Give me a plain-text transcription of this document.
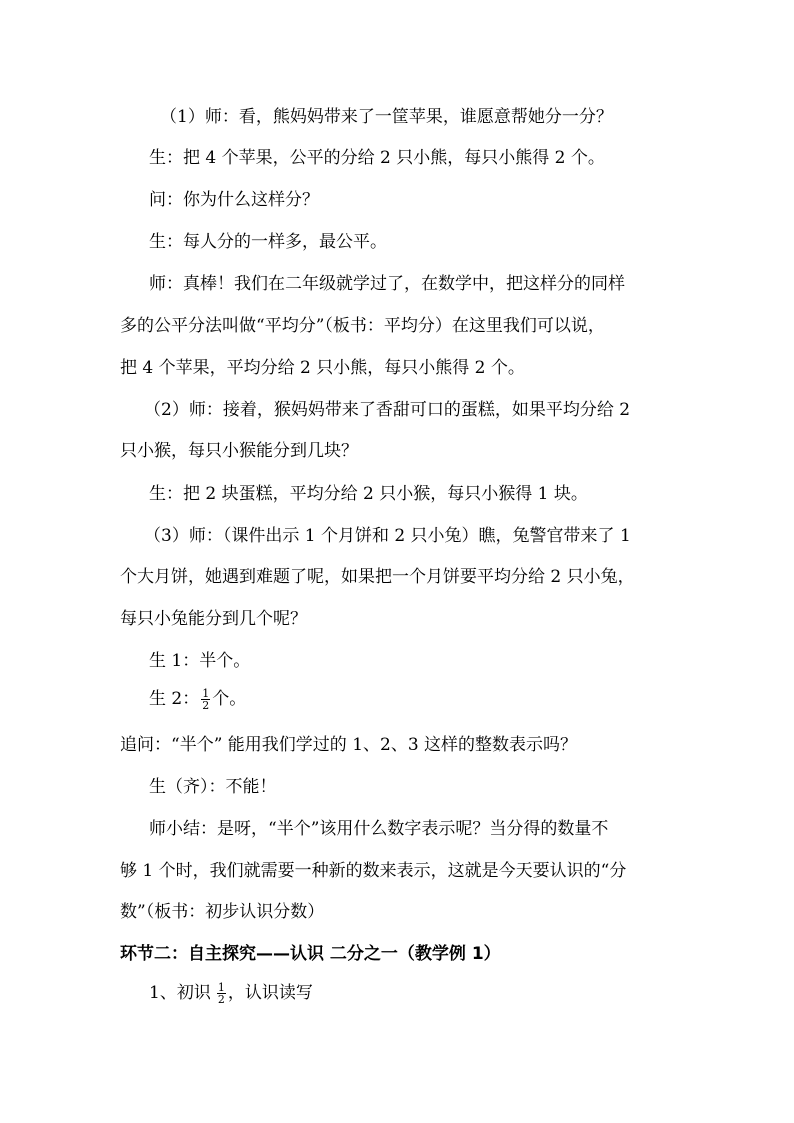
（1）师：看，熊妈妈带来了一筐苹果，谁愿意帮她分一分？
生：把 4 个苹果，公平的分给 2 只小熊，每只小熊得 2 个。
问：你为什么这样分？
生：每人分的一样多，最公平。
师：真棒！我们在二年级就学过了，在数学中，把这样分的同样
多的公平分法叫做“平均分”（板书：平均分）在这里我们可以说，
把 4 个苹果，平均分给 2 只小熊，每只小熊得 2 个。
（2）师：接着，猴妈妈带来了香甜可口的蛋糕，如果平均分给 2
只小猴，每只小猴能分到几块？
生：把 2 块蛋糕，平均分给 2 只小猴，每只小猴得 1 块。
（3）师：（课件出示 1 个月饼和 2 只小兔）瞧，兔警官带来了 1
个大月饼，她遇到难题了呢，如果把一个月饼要平均分给 2 只小兔，
每只小兔能分到几个呢？
生 1：半个。
生 2： $\frac{1}{2}$ 个。
追问：“半个” 能用我们学过的 1、2、3 这样的整数表示吗？
生（齐）：不能！
师小结：是呀，“半个”该用什么数字表示呢？当分得的数量不
够 1 个时，我们就需要一种新的数来表示，这就是今天要认识的“分
数”（板书：初步认识分数）
环节二：自主探究——认识 二分之一（教学例 1）
1、初识 $\frac{1}{2}$ ，认识读写
